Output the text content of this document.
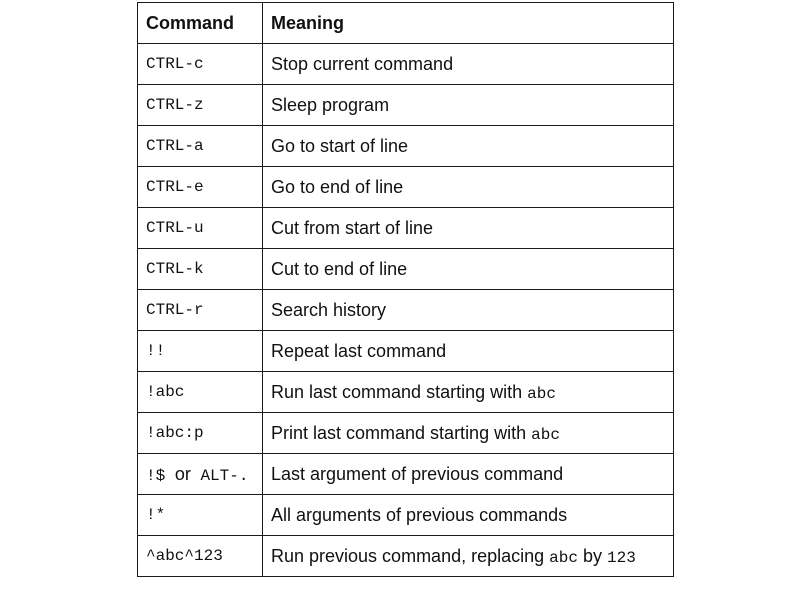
Command	Meaning
CTRL-c	Stop current command
CTRL-z	Sleep program
CTRL-a	Go to start of line
CTRL-e	Go to end of line
CTRL-u	Cut from start of line
CTRL-k	Cut to end of line
CTRL-r	Search history
!!	Repeat last command
!abc	Run last command starting with abc
!abc:p	Print last command starting with abc
!$ or ALT-.	Last argument of previous command
!*	All arguments of previous commands
^abc^123	Run previous command, replacing abc by 123
